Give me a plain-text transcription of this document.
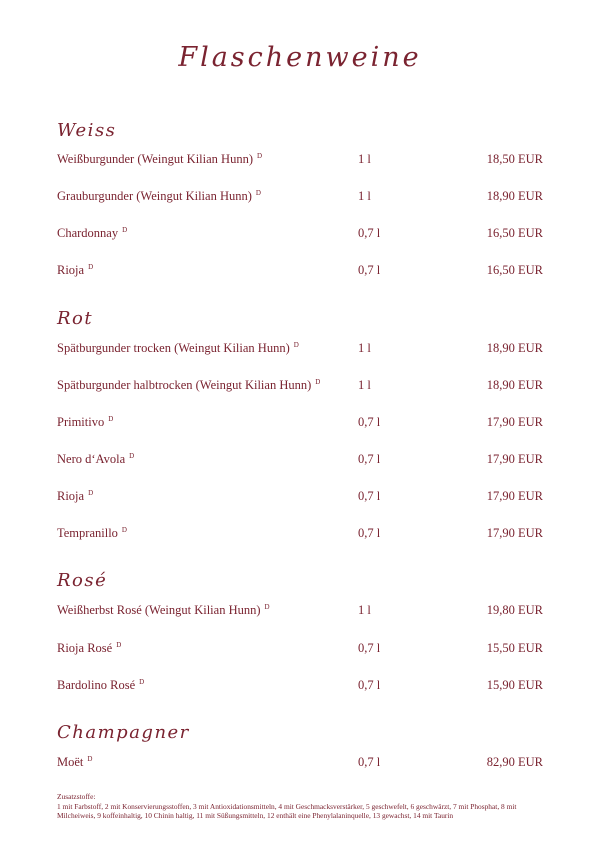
Flaschenweine
Weiss
Weißburgunder (Weingut Kilian Hunn) $^D$	1 l	18,50 EUR
Grauburgunder (Weingut Kilian Hunn) $^D$	1 l	18,90 EUR
Chardonnay $^D$	0,7 l	16,50 EUR
Rioja $^D$	0,7 l	16,50 EUR
Rot
Spätburgunder trocken (Weingut Kilian Hunn) $^D$	1 l	18,90 EUR
Spätburgunder halbtrocken (Weingut Kilian Hunn) $^D$	1 l	18,90 EUR
Primitivo $^D$	0,7 l	17,90 EUR
Nero d‘Avola $^D$	0,7 l	17,90 EUR
Rioja $^D$	0,7 l	17,90 EUR
Tempranillo $^D$	0,7 l	17,90 EUR
Rosé
Weißherbst Rosé (Weingut Kilian Hunn) $^D$	1 l	19,80 EUR
Rioja Rosé $^D$	0,7 l	15,50 EUR
Bardolino Rosé $^D$	0,7 l	15,90 EUR
Champagner
Moët $^D$	0,7 l	82,90 EUR
Zusatzstoffe:
1 mit Farbstoff, 2 mit Konservierungsstoffen, 3 mit Antioxidationsmitteln, 4 mit Geschmacksverstärker, 5 geschwefelt, 6 geschwärzt, 7 mit Phosphat, 8 mit Milcheiweis, 9 koffeinhaltig, 10 Chinin haltig, 11 mit Süßungsmitteln, 12 enthält eine Phenylalaninquelle, 13 gewachst, 14 mit Taurin
